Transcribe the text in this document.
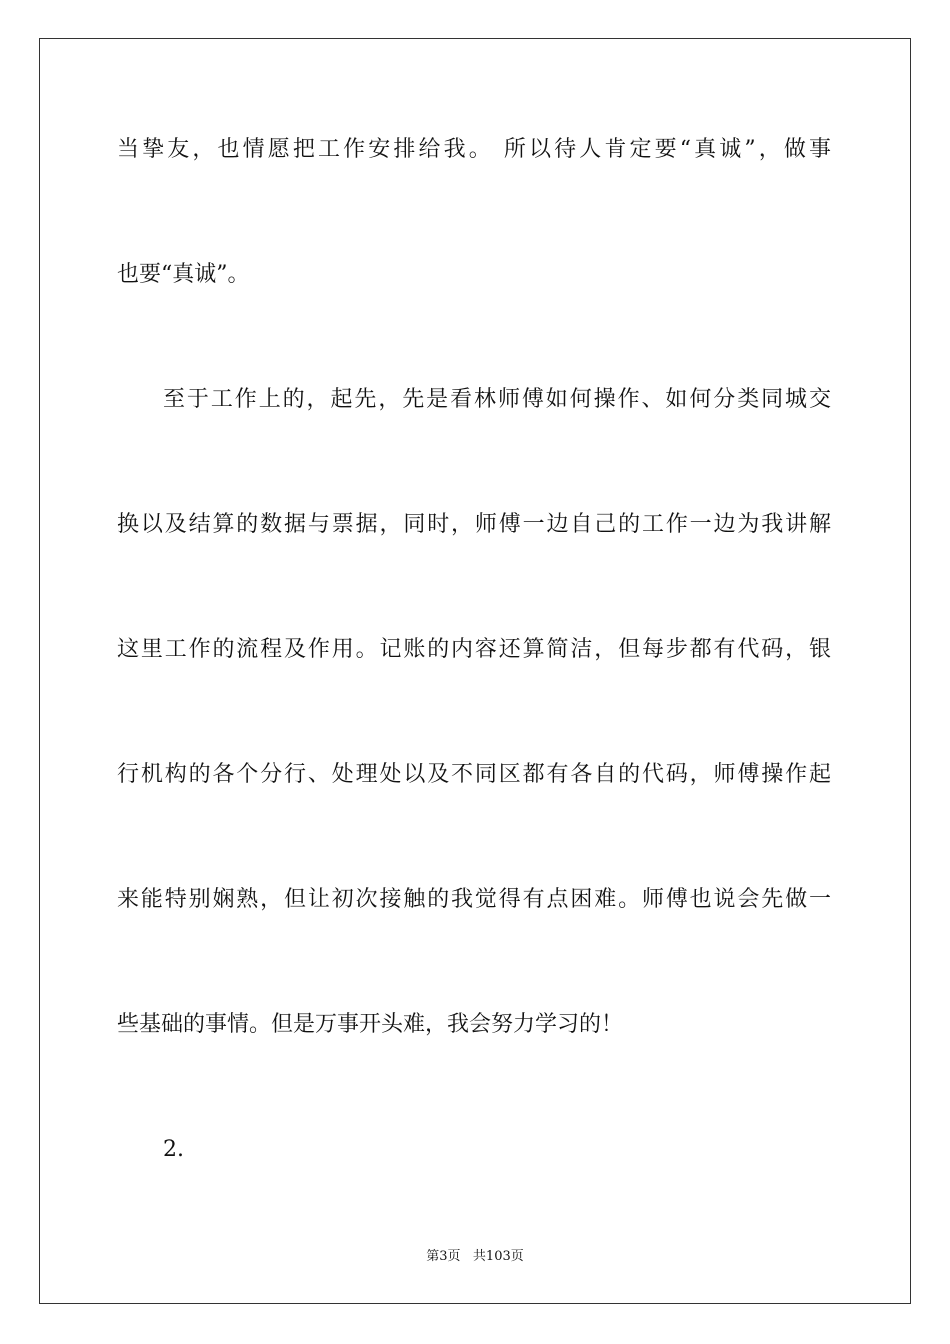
当挚友，也情愿把工作安排给我。 所以待人肯定要“真诚”，做事
也要“真诚”。
至于工作上的，起先，先是看林师傅如何操作、如何分类同城交
换以及结算的数据与票据，同时，师傅一边自己的工作一边为我讲解
这里工作的流程及作用。记账的内容还算简洁，但每步都有代码，银
行机构的各个分行、处理处以及不同区都有各自的代码，师傅操作起
来能特别娴熟，但让初次接触的我觉得有点困难。师傅也说会先做一
些基础的事情。但是万事开头难，我会努力学习的！
2.
第3页   共103页
